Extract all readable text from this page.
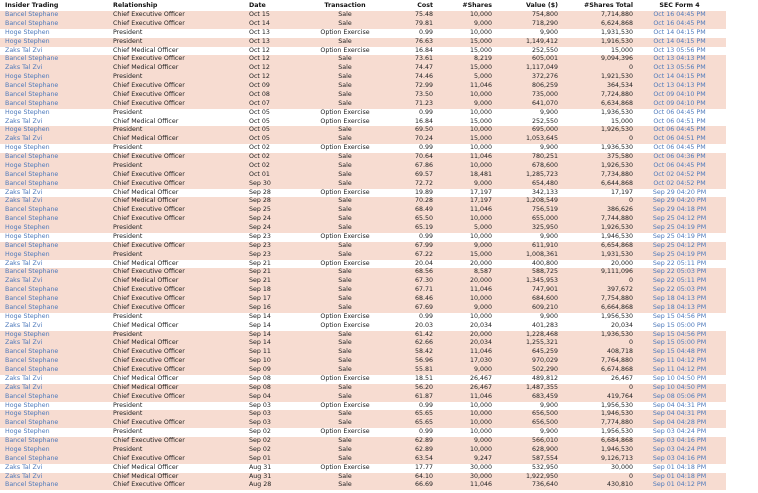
Insider Trading	Relationship	Date	Transaction	Cost	#Shares	Value ($)	#Shares Total	SEC Form 4
Bancel Stephane	Chief Executive Officer	Oct 15	Sale	75.48	10,000	754,800	7,714,880	Oct 16 04:45 PM
Bancel Stephane	Chief Executive Officer	Oct 14	Sale	79.81	9,000	718,290	6,624,868	Oct 16 04:45 PM
Hoge Stephen	President	Oct 13	Option Exercise	0.99	10,000	9,900	1,931,530	Oct 14 04:15 PM
Hoge Stephen	President	Oct 13	Sale	76.63	15,000	1,149,412	1,916,530	Oct 14 04:15 PM
Zaks Tal Zvi	Chief Medical Officer	Oct 12	Option Exercise	16.84	15,000	252,550	15,000	Oct 13 05:56 PM
Bancel Stephane	Chief Executive Officer	Oct 12	Sale	73.61	8,219	605,001	9,094,396	Oct 13 04:13 PM
Zaks Tal Zvi	Chief Medical Officer	Oct 12	Sale	74.47	15,000	1,117,049	0	Oct 13 05:56 PM
Hoge Stephen	President	Oct 12	Sale	74.46	5,000	372,276	1,921,530	Oct 14 04:15 PM
Bancel Stephane	Chief Executive Officer	Oct 09	Sale	72.99	11,046	806,259	364,534	Oct 13 04:13 PM
Bancel Stephane	Chief Executive Officer	Oct 08	Sale	73.50	10,000	735,000	7,724,880	Oct 09 04:10 PM
Bancel Stephane	Chief Executive Officer	Oct 07	Sale	71.23	9,000	641,070	6,634,868	Oct 09 04:10 PM
Hoge Stephen	President	Oct 05	Option Exercise	0.99	10,000	9,900	1,936,530	Oct 06 04:45 PM
Zaks Tal Zvi	Chief Medical Officer	Oct 05	Option Exercise	16.84	15,000	252,550	15,000	Oct 06 04:51 PM
Hoge Stephen	President	Oct 05	Sale	69.50	10,000	695,000	1,926,530	Oct 06 04:45 PM
Zaks Tal Zvi	Chief Medical Officer	Oct 05	Sale	70.24	15,000	1,053,645	0	Oct 06 04:51 PM
Hoge Stephen	President	Oct 02	Option Exercise	0.99	10,000	9,900	1,936,530	Oct 06 04:45 PM
Bancel Stephane	Chief Executive Officer	Oct 02	Sale	70.64	11,046	780,251	375,580	Oct 06 04:36 PM
Hoge Stephen	President	Oct 02	Sale	67.86	10,000	678,600	1,926,530	Oct 06 04:45 PM
Bancel Stephane	Chief Executive Officer	Oct 01	Sale	69.57	18,481	1,285,723	7,734,880	Oct 02 04:52 PM
Bancel Stephane	Chief Executive Officer	Sep 30	Sale	72.72	9,000	654,480	6,644,868	Oct 02 04:52 PM
Zaks Tal Zvi	Chief Medical Officer	Sep 28	Option Exercise	19.89	17,197	342,133	17,197	Sep 29 04:20 PM
Zaks Tal Zvi	Chief Medical Officer	Sep 28	Sale	70.28	17,197	1,208,549	0	Sep 29 04:20 PM
Bancel Stephane	Chief Executive Officer	Sep 25	Sale	68.49	11,046	756,519	386,626	Sep 29 04:18 PM
Bancel Stephane	Chief Executive Officer	Sep 24	Sale	65.50	10,000	655,000	7,744,880	Sep 25 04:12 PM
Hoge Stephen	President	Sep 24	Sale	65.19	5,000	325,950	1,926,530	Sep 25 04:19 PM
Hoge Stephen	President	Sep 23	Option Exercise	0.99	10,000	9,900	1,946,530	Sep 25 04:19 PM
Bancel Stephane	Chief Executive Officer	Sep 23	Sale	67.99	9,000	611,910	6,654,868	Sep 25 04:12 PM
Hoge Stephen	President	Sep 23	Sale	67.22	15,000	1,008,361	1,931,530	Sep 25 04:19 PM
Zaks Tal Zvi	Chief Medical Officer	Sep 21	Option Exercise	20.04	20,000	400,800	20,000	Sep 22 05:11 PM
Bancel Stephane	Chief Executive Officer	Sep 21	Sale	68.56	8,587	588,725	9,111,096	Sep 22 05:03 PM
Zaks Tal Zvi	Chief Medical Officer	Sep 21	Sale	67.30	20,000	1,345,953	0	Sep 22 05:11 PM
Bancel Stephane	Chief Executive Officer	Sep 18	Sale	67.71	11,046	747,901	397,672	Sep 22 05:03 PM
Bancel Stephane	Chief Executive Officer	Sep 17	Sale	68.46	10,000	684,600	7,754,880	Sep 18 04:13 PM
Bancel Stephane	Chief Executive Officer	Sep 16	Sale	67.69	9,000	609,210	6,664,868	Sep 18 04:13 PM
Hoge Stephen	President	Sep 14	Option Exercise	0.99	10,000	9,900	1,956,530	Sep 15 04:56 PM
Zaks Tal Zvi	Chief Medical Officer	Sep 14	Option Exercise	20.03	20,034	401,283	20,034	Sep 15 05:00 PM
Hoge Stephen	President	Sep 14	Sale	61.42	20,000	1,228,468	1,936,530	Sep 15 04:56 PM
Zaks Tal Zvi	Chief Medical Officer	Sep 14	Sale	62.66	20,034	1,255,321	0	Sep 15 05:00 PM
Bancel Stephane	Chief Executive Officer	Sep 11	Sale	58.42	11,046	645,259	408,718	Sep 15 04:48 PM
Bancel Stephane	Chief Executive Officer	Sep 10	Sale	56.96	17,030	970,029	7,764,880	Sep 11 04:12 PM
Bancel Stephane	Chief Executive Officer	Sep 09	Sale	55.81	9,000	502,290	6,674,868	Sep 11 04:12 PM
Zaks Tal Zvi	Chief Medical Officer	Sep 08	Option Exercise	18.51	26,467	489,812	26,467	Sep 10 04:50 PM
Zaks Tal Zvi	Chief Medical Officer	Sep 08	Sale	56.20	26,467	1,487,355	0	Sep 10 04:50 PM
Bancel Stephane	Chief Executive Officer	Sep 04	Sale	61.87	11,046	683,459	419,764	Sep 08 05:06 PM
Hoge Stephen	President	Sep 03	Option Exercise	0.99	10,000	9,900	1,956,530	Sep 04 04:31 PM
Hoge Stephen	President	Sep 03	Sale	65.65	10,000	656,500	1,946,530	Sep 04 04:31 PM
Bancel Stephane	Chief Executive Officer	Sep 03	Sale	65.65	10,000	656,500	7,774,880	Sep 04 04:28 PM
Hoge Stephen	President	Sep 02	Option Exercise	0.99	10,000	9,900	1,956,530	Sep 03 04:24 PM
Bancel Stephane	Chief Executive Officer	Sep 02	Sale	62.89	9,000	566,010	6,684,868	Sep 03 04:16 PM
Hoge Stephen	President	Sep 02	Sale	62.89	10,000	628,900	1,946,530	Sep 03 04:24 PM
Bancel Stephane	Chief Executive Officer	Sep 01	Sale	63.54	9,247	587,554	9,126,713	Sep 03 04:16 PM
Zaks Tal Zvi	Chief Medical Officer	Aug 31	Option Exercise	17.77	30,000	532,950	30,000	Sep 01 04:18 PM
Zaks Tal Zvi	Chief Medical Officer	Aug 31	Sale	64.10	30,000	1,922,950	0	Sep 01 04:18 PM
Bancel Stephane	Chief Executive Officer	Aug 28	Sale	66.69	11,046	736,640	430,810	Sep 01 04:12 PM
